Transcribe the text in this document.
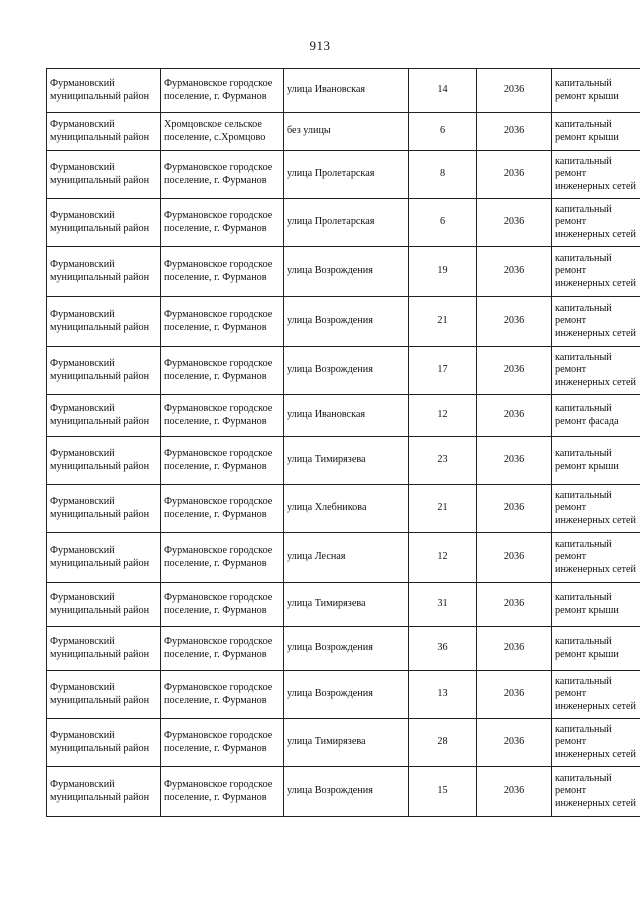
913
Фурмановский муниципальный район	Фурмановское городское поселение, г. Фурманов	улица Ивановская	14	2036	капитальный ремонт крыши
Фурмановский муниципальный район	Хромцовское сельское поселение, с.Хромцово	без улицы	6	2036	капитальный ремонт крыши
Фурмановский муниципальный район	Фурмановское городское поселение, г. Фурманов	улица Пролетарская	8	2036	капитальный ремонт инженерных сетей
Фурмановский муниципальный район	Фурмановское городское поселение, г. Фурманов	улица Пролетарская	6	2036	капитальный ремонт инженерных сетей
Фурмановский муниципальный район	Фурмановское городское поселение, г. Фурманов	улица Возрождения	19	2036	капитальный ремонт инженерных сетей
Фурмановский муниципальный район	Фурмановское городское поселение, г. Фурманов	улица Возрождения	21	2036	капитальный ремонт инженерных сетей
Фурмановский муниципальный район	Фурмановское городское поселение, г. Фурманов	улица Возрождения	17	2036	капитальный ремонт инженерных сетей
Фурмановский муниципальный район	Фурмановское городское поселение, г. Фурманов	улица Ивановская	12	2036	капитальный ремонт фасада
Фурмановский муниципальный район	Фурмановское городское поселение, г. Фурманов	улица Тимирязева	23	2036	капитальный ремонт крыши
Фурмановский муниципальный район	Фурмановское городское поселение, г. Фурманов	улица Хлебникова	21	2036	капитальный ремонт инженерных сетей
Фурмановский муниципальный район	Фурмановское городское поселение, г. Фурманов	улица Лесная	12	2036	капитальный ремонт инженерных сетей
Фурмановский муниципальный район	Фурмановское городское поселение, г. Фурманов	улица Тимирязева	31	2036	капитальный ремонт крыши
Фурмановский муниципальный район	Фурмановское городское поселение, г. Фурманов	улица Возрождения	36	2036	капитальный ремонт крыши
Фурмановский муниципальный район	Фурмановское городское поселение, г. Фурманов	улица Возрождения	13	2036	капитальный ремонт инженерных сетей
Фурмановский муниципальный район	Фурмановское городское поселение, г. Фурманов	улица Тимирязева	28	2036	капитальный ремонт инженерных сетей
Фурмановский муниципальный район	Фурмановское городское поселение, г. Фурманов	улица Возрождения	15	2036	капитальный ремонт инженерных сетей
